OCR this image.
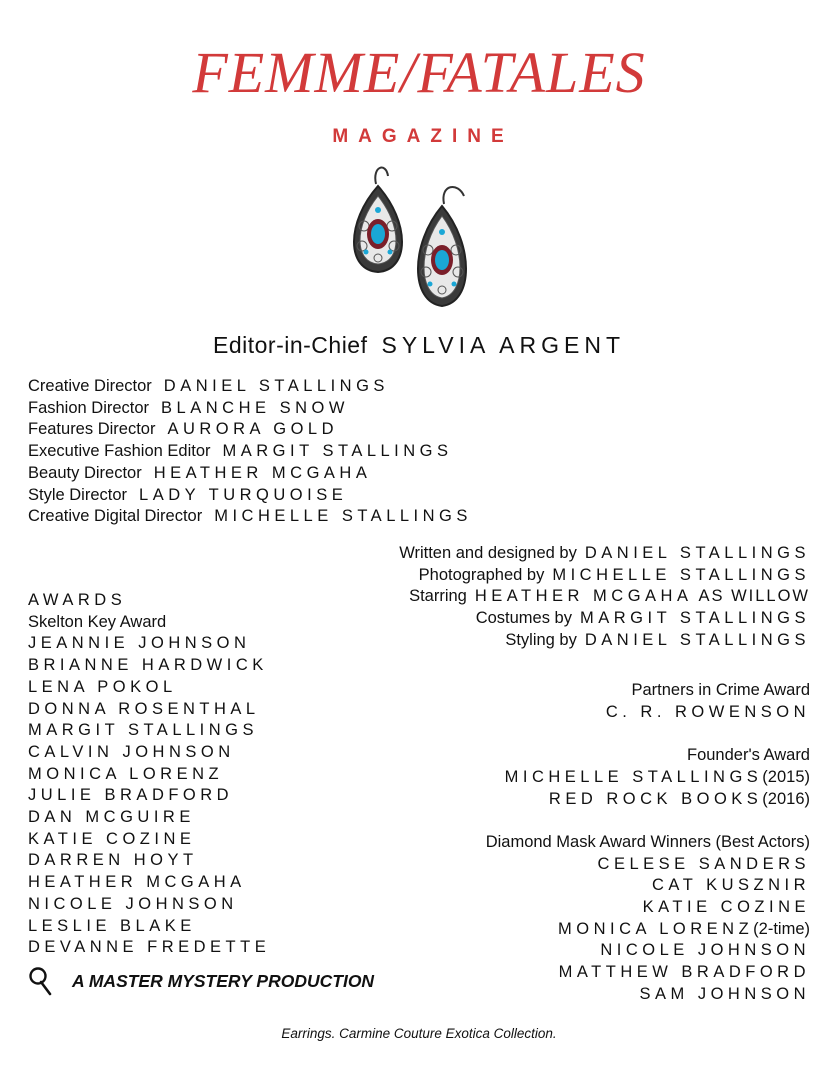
FEMME/FATALES
MAGAZINE
Editor-in-Chief SYLVIA ARGENT
Creative Director DANIEL STALLINGS
Fashion Director BLANCHE SNOW
Features Director AURORA GOLD
Executive Fashion Editor MARGIT STALLINGS
Beauty Director HEATHER MCGAHA
Style Director LADY TURQUOISE
Creative Digital Director MICHELLE STALLINGS
Written and designed by DANIEL STALLINGS
Photographed by MICHELLE STALLINGS
Starring HEATHER MCGAHA AS WILLOW
Costumes by MARGIT STALLINGS
Styling by DANIEL STALLINGS
AWARDS
Skelton Key Award
JEANNIE JOHNSON
BRIANNE HARDWICK
LENA POKOL
DONNA ROSENTHAL
MARGIT STALLINGS
CALVIN JOHNSON
MONICA LORENZ
JULIE BRADFORD
DAN MCGUIRE
KATIE COZINE
DARREN HOYT
HEATHER MCGAHA
NICOLE JOHNSON
LESLIE BLAKE
DEVANNE FREDETTE
Partners in Crime Award
C. R. ROWENSON
Founder's Award
MICHELLE STALLINGS(2015)
RED ROCK BOOKS(2016)
Diamond Mask Award Winners (Best Actors)
CELESE SANDERS
CAT KUSZNIR
KATIE COZINE
MONICA LORENZ(2-time)
NICOLE JOHNSON
MATTHEW BRADFORD
SAM JOHNSON
A MASTER MYSTERY PRODUCTION
Earrings. Carmine Couture Exotica Collection.
